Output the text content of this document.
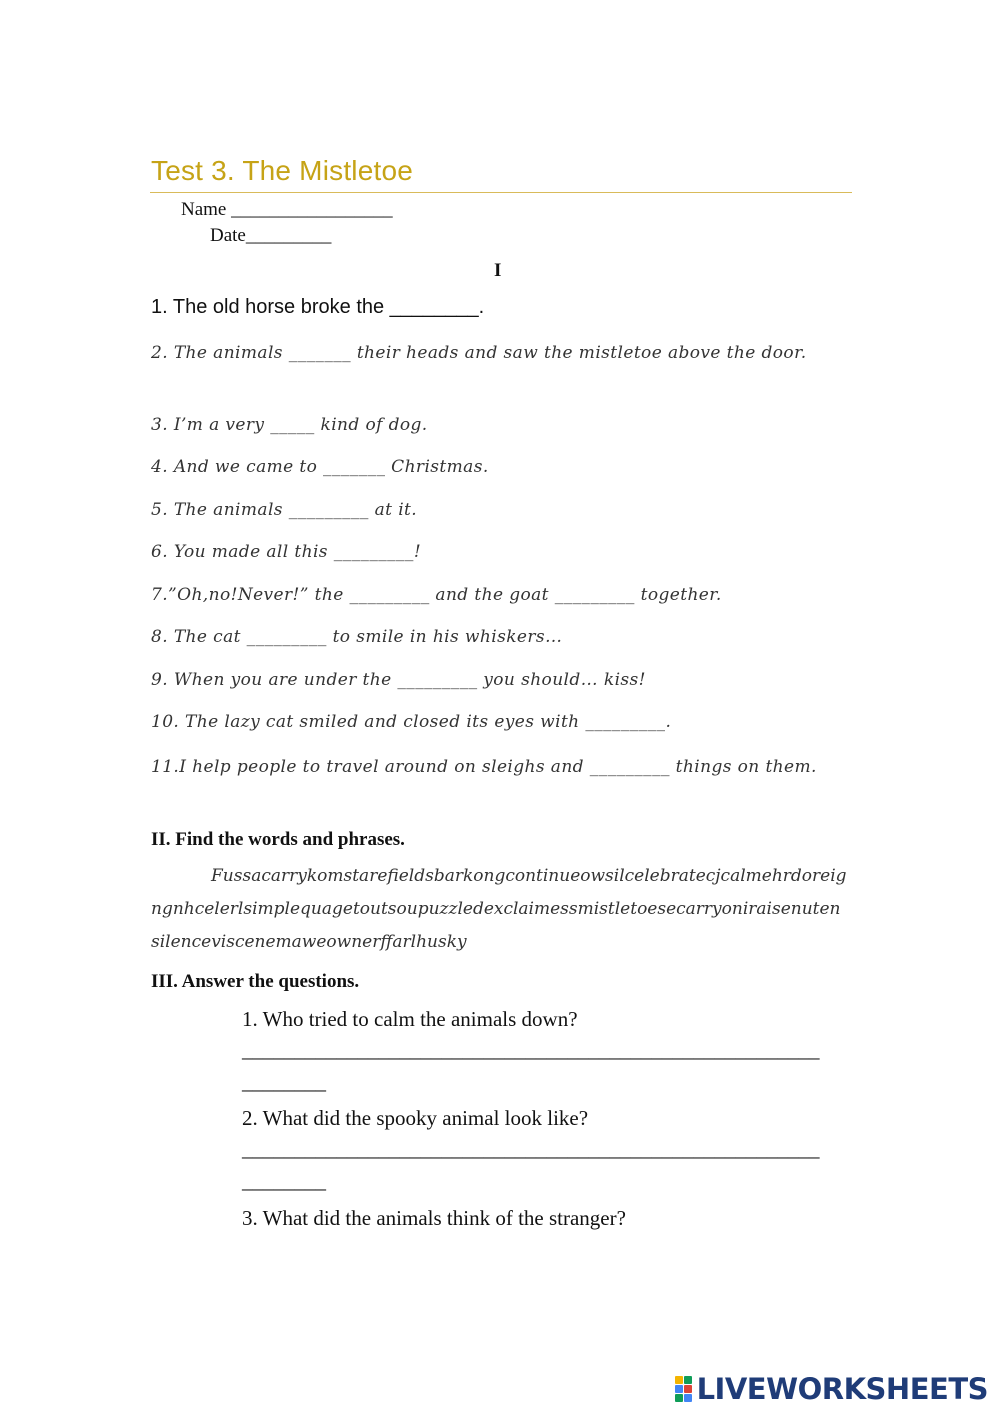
Test 3. The Mistletoe
Name _________________
Date_________
I
1. The old horse broke the ________.
2. The animals _______ their heads and saw the mistletoe above the door.
3. I’m a very _____ kind of dog.
4. And we came to _______ Christmas.
5. The animals _________ at it.
6. You made all this _________!
7.”Oh,no!Never!” the _________ and the goat _________ together.
8. The cat _________ to smile in his whiskers…
9. When you are under the _________ you should… kiss!
10. The lazy cat smiled and closed its eyes with _________.
11.I help people to travel around on sleighs and _________ things on them.
II. Find the words and phrases.
Fussacarrykomstarefieldsbarkongcontinueowsilcelebratecjcalmehrdoreigngnhcelerlsimplequagetoutsoupuzzledexclaimessmistletoesecarryoniraisenutensilenceviscenemaweownerffarlhusky
III. Answer the questions.
1. Who tried to calm the animals down?
_______________________________________________________
________
2. What did the spooky animal look like?
_______________________________________________________
________
3. What did the animals think of the stranger?
LIVEWORKSHEETS
